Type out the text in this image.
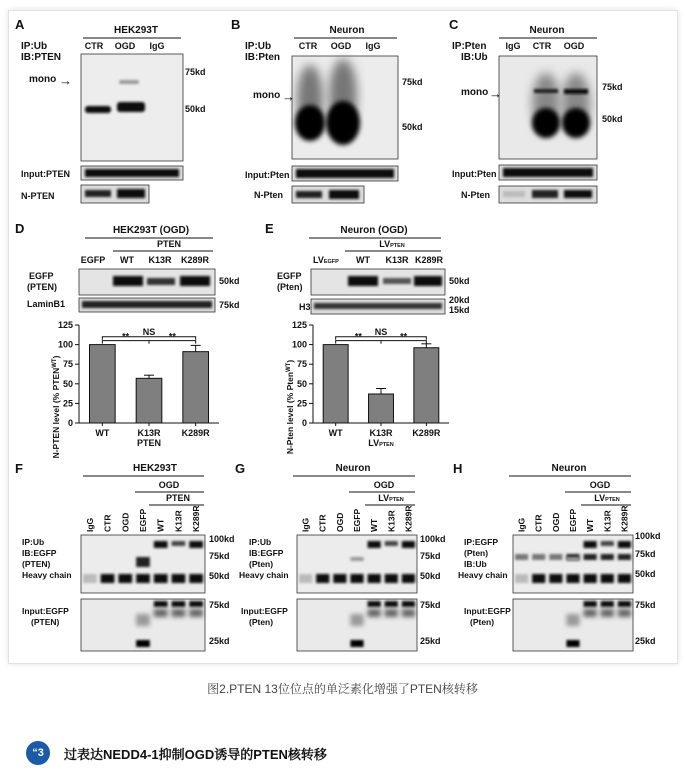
A	HEK293T
IP:Ub
IB:PTEN
CTR OGD IgG
mono →
75kd
50kd
Input:PTEN
N-PTEN
B	Neuron
IP:Ub
IB:Pten
CTR OGD IgG
mono →
75kd
50kd
Input:Pten
N-Pten
C	Neuron
IP:Pten
IB:Ub
IgG CTR OGD
mono →	75kd
50kd
Input:Pten
N-Pten
D	HEK293T (OGD)
PTEN
EGFP WT K13R K289R
EGFP
(PTEN)
50kd
LaminB1	75kd
E	Neuron (OGD)
LVPTEN
LVEGFP WT K13R K289R
EGFP
(Pten)
50kd
H3
20kd
15kd
N-PTEN level (% $PTEN^{WT}$)
PTEN
0
25
50
75
100
125
WT	K13R K289R
**	**
NS
N-Pten level (% Pten$^{WT}$)
LVPTEN
0
25
50
75
100
125
WT	K13R K289R
**	**
NS
F	HEK293T
OGD
PTEN
IP:Ub
IB:EGFP
(PTEN)
Heavy chain
Input:EGFP
(PTEN)
100kd
75kd
50kd
75kd
25kd
IgG CTR OGD EGFP WT K13R K289R
G	Neuron
OGD
LVPTEN
IP:Ub
IB:EGFP
(Pten)
Heavy chain
Input:EGFP
(Pten)
100kd
75kd
50kd
75kd
25kd
IgG CTR OGD EGFP WT K13R K289R
H	Neuron
OGD
LVPTEN
IP:EGFP
(Pten)
IB:Ub
Heavy chain
Input:EGFP
(Pten)
100kd
75kd
50kd
75kd
25kd
IgG CTR OGD EGFP WT K13R K289R
图2.PTEN 13位位点的单泛素化增强了PTEN核转移
“3	过表达NEDD4-1抑制OGD诱导的PTEN核转移
